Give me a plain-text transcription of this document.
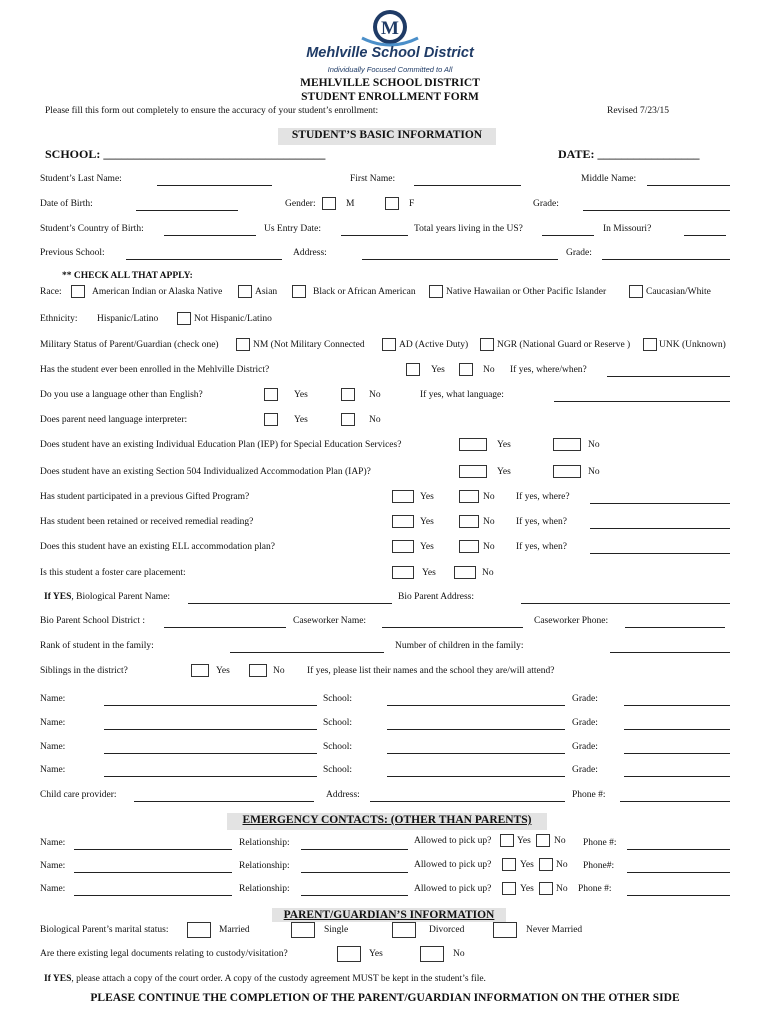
M
Mehlville School District
Individually Focused Committed to All
MEHLVILLE SCHOOL DISTRICT
STUDENT ENROLLMENT FORM
Please fill this form out completely to ensure the accuracy of your student’s enrollment:	Revised 7/23/15
STUDENT’S BASIC INFORMATION
SCHOOL: _____________________________________	DATE: _________________
Student’s Last Name:	First Name:	Middle Name:
Date of Birth:	Gender:	M	F	Grade:
Student’s Country of Birth:	Us Entry Date:	Total years living in the US?	In Missouri?
Previous School:	Address:	Grade:
** CHECK ALL THAT APPLY:
Race:	American Indian or Alaska Native	Asian	Black or African American	Native Hawaiian or Other Pacific Islander	Caucasian/White
Ethnicity: Hispanic/Latino	Not Hispanic/Latino
Military Status of Parent/Guardian (check one)	NM (Not Military Connected	AD (Active Duty)	NGR (National Guard or Reserve )	UNK (Unknown)
Has the student ever been enrolled in the Mehlville District?	Yes	No If yes, where/when?
Do you use a language other than English?	Yes	No	If yes, what language:
Does parent need language interpreter:	Yes	No
Does student have an existing Individual Education Plan (IEP) for Special Education Services?	Yes	No
Does student have an existing Section 504 Individualized Accommodation Plan (IAP)?	Yes	No
Has student participated in a previous Gifted Program?	Yes	No If yes, where?
Has student been retained or received remedial reading?	Yes	No If yes, when?
Does this student have an existing ELL accommodation plan?	Yes	No If yes, when?
Is this student a foster care placement:	Yes	No
If YES, Biological Parent Name:	Bio Parent Address:
Bio Parent School District :	Caseworker Name:	Caseworker Phone:
Rank of student in the family:	Number of children in the family:
Siblings in the district?	Yes	No If yes, please list their names and the school they are/will attend?
Name:	School:	Grade:
Name:	School:	Grade:
Name:	School:	Grade:
Name:	School:	Grade:
Child care provider:	Address:	Phone #:
EMERGENCY CONTACTS: (OTHER THAN PARENTS)
Name:	Relationship:	Allowed to pick up?	Yes No Phone #:
Name:	Relationship:	Allowed to pick up?	Yes No Phone#:
Name:	Relationship:	Allowed to pick up?	Yes No Phone #:
PARENT/GUARDIAN’S INFORMATION
Biological Parent’s marital status:	Married	Single	Divorced	Never Married
Are there existing legal documents relating to custody/visitation?	Yes	No
If YES, please attach a copy of the court order. A copy of the custody agreement MUST be kept in the student’s file.
PLEASE CONTINUE THE COMPLETION OF THE PARENT/GUARDIAN INFORMATION ON THE OTHER SIDE
